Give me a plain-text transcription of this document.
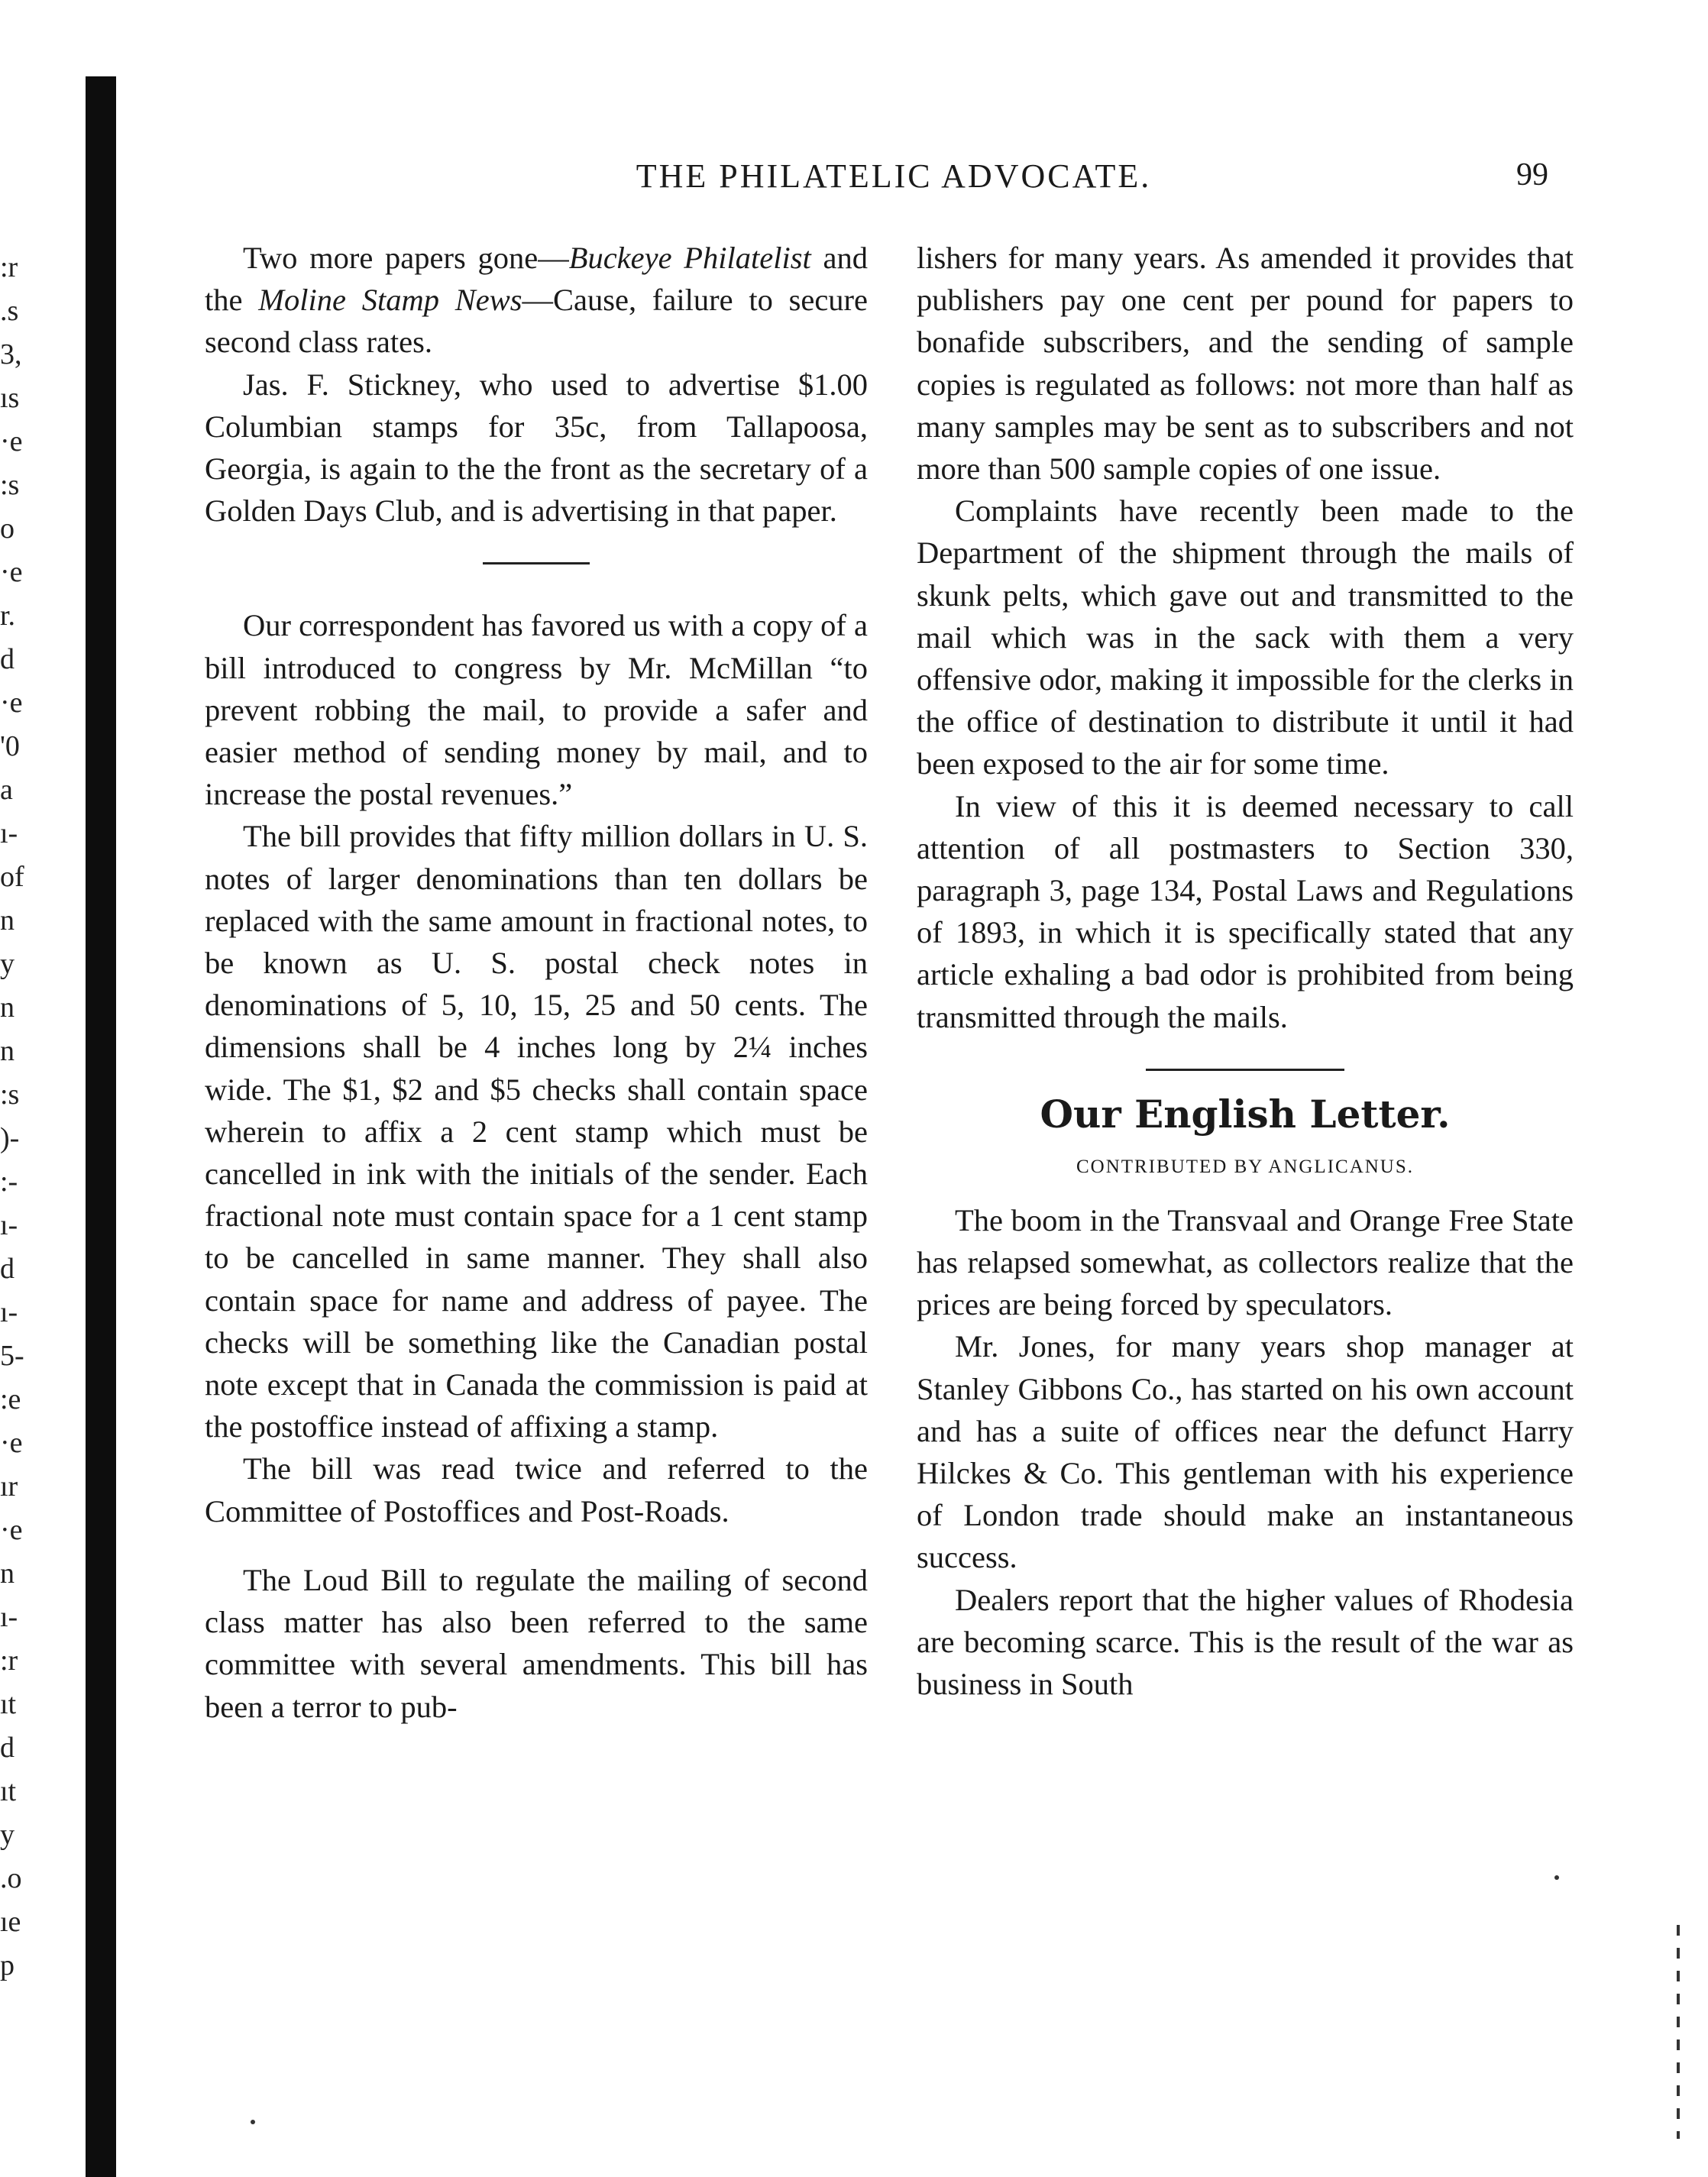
:r
.s
3,
ıs
·e
:s
o
·e
r.
d
·e
'0
a
ı-
of
n
y
n
n
:s
)-
:-
ı-
d
ı-
5-
:e
·e
ır
·e
n
ı-
:r
ıt
d
ıt
y
.o
ıe
p
THE PHILATELIC ADVOCATE.	99

Two more papers gone—Buckeye Philatelist and the Moline Stamp News—Cause, failure to secure second class rates.

Jas. F. Stickney, who used to advertise $1.00 Columbian stamps for 35c, from Tallapoosa, Georgia, is again to the the front as the secretary of a Golden Days Club, and is advertising in that paper.

Our correspondent has favored us with a copy of a bill introduced to congress by Mr. McMillan “to prevent robbing the mail, to provide a safer and easier method of sending money by mail, and to increase the postal revenues.”

The bill provides that fifty million dollars in U. S. notes of larger denominations than ten dollars be replaced with the same amount in fractional notes, to be known as U. S. postal check notes in denominations of 5, 10, 15, 25 and 50 cents. The dimensions shall be 4 inches long by 2¼ inches wide. The $1, $2 and $5 checks shall contain space wherein to affix a 2 cent stamp which must be cancelled in ink with the initials of the sender. Each fractional note must contain space for a 1 cent stamp to be cancelled in same manner. They shall also contain space for name and address of payee. The checks will be something like the Canadian postal note except that in Canada the commission is paid at the postoffice instead of affixing a stamp.

The bill was read twice and referred to the Committee of Postoffices and Post-Roads.

The Loud Bill to regulate the mailing of second class matter has also been referred to the same committee with several amendments. This bill has been a terror to pub-

lishers for many years. As amended it provides that publishers pay one cent per pound for papers to bonafide subscribers, and the sending of sample copies is regulated as follows: not more than half as many samples may be sent as to subscribers and not more than 500 sample copies of one issue.

Complaints have recently been made to the Department of the shipment through the mails of skunk pelts, which gave out and transmitted to the mail which was in the sack with them a very offensive odor, making it impossible for the clerks in the office of destination to distribute it until it had been exposed to the air for some time.

In view of this it is deemed necessary to call attention of all postmasters to Section 330, paragraph 3, page 134, Postal Laws and Regulations of 1893, in which it is specifically stated that any article exhaling a bad odor is prohibited from being transmitted through the mails.

Our English Letter.
CONTRIBUTED BY ANGLICANUS.

The boom in the Transvaal and Orange Free State has relapsed somewhat, as collectors realize that the prices are being forced by speculators.

Mr. Jones, for many years shop manager at Stanley Gibbons Co., has started on his own account and has a suite of offices near the defunct Harry Hilckes & Co. This gentleman with his experience of London trade should make an instantaneous success.

Dealers report that the higher values of Rhodesia are becoming scarce. This is the result of the war as business in South
